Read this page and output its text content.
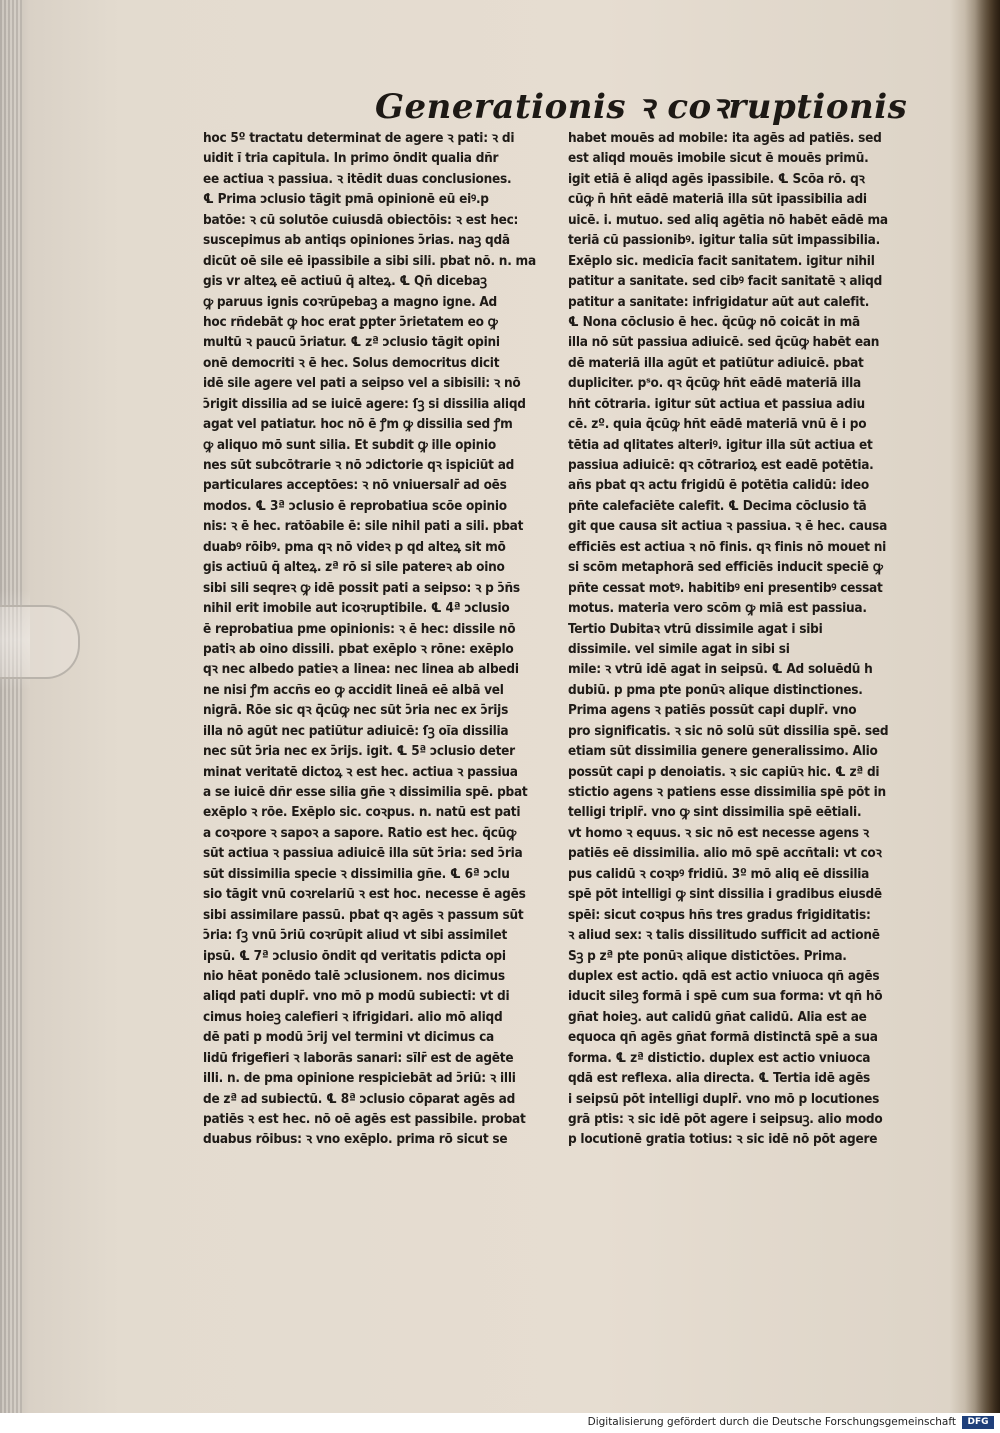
Generationis ꝛ coꝛruptionis
hoc 5º tractatu determinat de agere ꝛ pati: ꝛ di
uidit ī tria capitula. In primo ōndit qualia dñr
ee actiua ꝛ passiua. ꝛ itēdit duas conclusiones.
℄ Prima ɔclusio tāgit pmā opinionē eū eiꝰ.p
batōe: ꝛ cū solutōe cuiusdā obiectōis: ꝛ est hec:
suscepimus ab antiqs opiniones ɔ̄rias. naꝫ qdā
dicūt oē sile eē ipassibile a sibi sili. pbat nō. n. ma
gis vr alteꝝ eē actiuū q̄ alteꝝ. ℄ Qn̄ dicebaꝫ
ꝙ paruus ignis coꝛrūpebaꝫ a magno igne. Ad
hoc rñdebāt ꝙ hoc erat ꝑpter ɔ̄rietatem eo ꝙ
multū ꝛ paucū ɔ̄riatur. ℄ zª ɔclusio tāgit opini
onē democriti ꝛ ē hec. Solus democritus dicit
idē sile agere vel pati a seipso vel a sibisili: ꝛ nō
ɔ̄rigit dissilia ad se iuicē agere: ſꝫ si dissilia aliqd
agat vel patiatur. hoc nō ē ꝭm ꝙ dissilia sed ꝭm
ꝙ aliquo mō sunt silia. Et subdit ꝙ ille opinio
nes sūt subcōtrarie ꝛ nō ɔdictorie qꝛ ispiciūt ad
particulares acceptōes: ꝛ nō vniuersalr̄ ad oēs
modos. ℄ 3ª ɔclusio ē reprobatiua scōe opinio
nis: ꝛ ē hec. ratōabile ē: sile nihil pati a sili. pbat
duabꝰ rōibꝰ. pma qꝛ nō videꝛ p qd alteꝝ sit mō
gis actiuū q̄ alteꝝ. zª rō si sile patereꝛ ab oino
sibi sili seqreꝛ ꝙ idē possit pati a seipso: ꝛ p ɔ̄ñs
nihil erit imobile aut icoꝛruptibile. ℄ 4ª ɔclusio
ē reprobatiua pme opinionis: ꝛ ē hec: dissile nō
patiꝛ ab oino dissili. pbat exēplo ꝛ rōne: exēplo
qꝛ nec albedo patieꝛ a linea: nec linea ab albedi
ne nisi ꝭm accñs eo ꝙ accidit lineā eē albā vel
nigrā. Rōe sic qꝛ q̄cūꝙ nec sūt ɔ̄ria nec ex ɔ̄rijs
illa nō agūt nec patiūtur adiuicē: ſꝫ oīa dissilia
nec sūt ɔ̄ria nec ex ɔ̄rijs. igit. ℄ 5ª ɔclusio deter
minat veritatē dictoꝝ ꝛ est hec. actiua ꝛ passiua
a se iuicē dñr esse silia gñe ꝛ dissimilia spē. pbat
exēplo ꝛ rōe. Exēplo sic. coꝛpus. n. natū est pati
a coꝛpore ꝛ sapoꝛ a sapore. Ratio est hec. q̄cūꝙ
sūt actiua ꝛ passiua adiuicē illa sūt ɔ̄ria: sed ɔ̄ria
sūt dissimilia specie ꝛ dissimilia gñe. ℄ 6ª ɔclu
sio tāgit vnū coꝛrelariū ꝛ est hoc. necesse ē agēs
sibi assimilare passū. pbat qꝛ agēs ꝛ passum sūt
ɔ̄ria: ſꝫ vnū ɔ̄riū coꝛrūpit aliud vt sibi assimilet
ipsū. ℄ 7ª ɔclusio ōndit qd veritatis pdicta opi
nio hēat ponēdo talē ɔclusionem. nos dicimus
aliqd pati duplr̄. vno mō p modū subiecti: vt di
cimus hoieꝫ calefieri ꝛ ifrigidari. alio mō aliqd
dē pati p modū ɔ̄rij vel termini vt dicimus ca
lidū frigefieri ꝛ laborās sanari: sīlr̄ est de agēte
illi. n. de pma opinione respiciebāt ad ɔ̄riū: ꝛ illi
de zª ad subiectū. ℄ 8ª ɔclusio cōparat agēs ad
patiēs ꝛ est hec. nō oē agēs est passibile. probat
duabus rōibus: ꝛ vno exēplo. prima rō sicut se
habet mouēs ad mobile: ita agēs ad patiēs. sed
est aliqd mouēs imobile sicut ē mouēs primū.
igit etiā ē aliqd agēs ipassibile. ℄ Scōa rō. qꝛ
cūꝙ n̄ hñt eādē materiā illa sūt ipassibilia adi
uicē. i. mutuo. sed aliq agētia nō habēt eādē ma
teriā cū passionibꝰ. igitur talia sūt impassibilia.
Exēplo sic. medicīa facit sanitatem. igitur nihil
patitur a sanitate. sed cibꝰ facit sanitatē ꝛ aliqd
patitur a sanitate: infrigidatur aūt aut calefit.
℄ Nona cōclusio ē hec. q̄cūꝙ nō coicāt in mā
illa nō sūt passiua adiuicē. sed q̄cūꝙ habēt ean
dē materiā illa agūt et patiūtur adiuicē. pbat
dupliciter. pˢo. qꝛ q̄cūꝙ hñt eādē materiā illa
hñt cōtraria. igitur sūt actiua et passiua adiu
cē. zº. quia q̄cūꝙ hñt eādē materiā vnū ē i po
tētia ad qlitates alteriꝰ. igitur illa sūt actiua et
passiua adiuicē: qꝛ cōtrarioꝝ est eadē potētia.
añs pbat qꝛ actu frigidū ē potētia calidū: ideo
pñte calefaciēte calefit. ℄ Decima cōclusio tā
git que causa sit actiua ꝛ passiua. ꝛ ē hec. causa
efficiēs est actiua ꝛ nō finis. qꝛ finis nō mouet ni
si scōm metaphorā sed efficiēs inducit speciē ꝙ
pñte cessat motꝰ. habitibꝰ eni presentibꝰ cessat
motus. materia vero scōm ꝙ miā est passiua.
Tertio Dubitaꝛ vtrū dissimile agat i sibi
dissimile. vel simile agat in sibi si
mile: ꝛ vtrū idē agat in seipsū. ℄ Ad soluēdū h
dubiū. p pma pte ponūꝛ alique distinctiones.
Prima agens ꝛ patiēs possūt capi duplr̄. vno
pro significatis. ꝛ sic nō solū sūt dissilia spē. sed
etiam sūt dissimilia genere generalissimo. Alio
possūt capi p denoiatis. ꝛ sic capiūꝛ hic. ℄ zª di
stictio agens ꝛ patiens esse dissimilia spē pōt in
telligi triplr̄. vno ꝙ sint dissimilia spē eētiali.
vt homo ꝛ equus. ꝛ sic nō est necesse agens ꝛ
patiēs eē dissimilia. alio mō spē accñtali: vt coꝛ
pus calidū ꝛ coꝛpꝰ fridiū. 3º mō aliq eē dissilia
spē pōt intelligi ꝙ sint dissilia i gradibus eiusdē
spēi: sicut coꝛpus hñs tres gradus frigiditatis:
ꝛ aliud sex: ꝛ talis dissilitudo sufficit ad actionē
Sꝫ p zª pte ponūꝛ alique distictōes. Prima.
duplex est actio. qdā est actio vniuoca qñ agēs
iducit sileꝫ formā i spē cum sua forma: vt qñ hō
gñat hoieꝫ. aut calidū gñat calidū. Alia est ae
equoca qñ agēs gñat formā distinctā spē a sua
forma. ℄ zª distictio. duplex est actio vniuoca
qdā est reflexa. alia directa. ℄ Tertia idē agēs
i seipsū pōt intelligi duplr̄. vno mō p locutiones
grā ptis: ꝛ sic idē pōt agere i seipsuꝫ. alio modo
p locutionē gratia totius: ꝛ sic idē nō pōt agere
Digitalisierung gefördert durch die Deutsche Forschungsgemeinschaft	DFG
